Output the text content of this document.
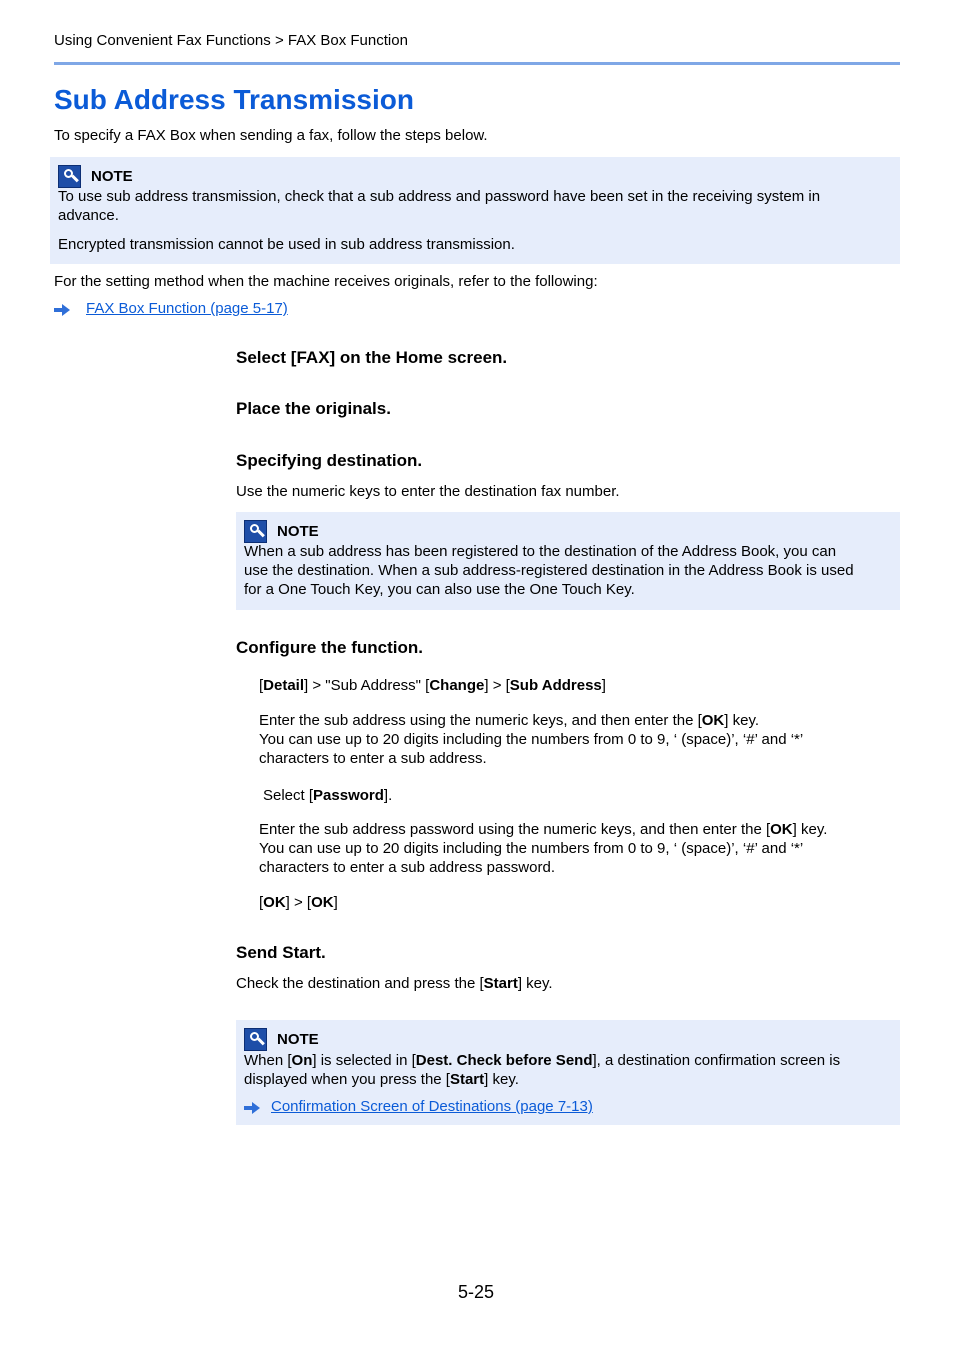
Using Convenient Fax Functions > FAX Box Function
Sub Address Transmission
To specify a FAX Box when sending a fax, follow the steps below.
NOTE
To use sub address transmission, check that a sub address and password have been set in the receiving system in
advance.
Encrypted transmission cannot be used in sub address transmission.
For the setting method when the machine receives originals, refer to the following:
FAX Box Function (page 5-17)
Select [FAX] on the Home screen.
Place the originals.
Specifying destination.
Use the numeric keys to enter the destination fax number.
NOTE
When a sub address has been registered to the destination of the Address Book, you can
use the destination. When a sub address-registered destination in the Address Book is used
for a One Touch Key, you can also use the One Touch Key.
Configure the function.
[Detail] > "Sub Address" [Change] > [Sub Address]
Enter the sub address using the numeric keys, and then enter the [OK] key.
You can use up to 20 digits including the numbers from 0 to 9, ‘ (space)’, ‘#’ and ‘*’
characters to enter a sub address.
Select [Password].
Enter the sub address password using the numeric keys, and then enter the [OK] key.
You can use up to 20 digits including the numbers from 0 to 9, ‘ (space)’, ‘#’ and ‘*’
characters to enter a sub address password.
[OK] > [OK]
Send Start.
Check the destination and press the [Start] key.
NOTE
When [On] is selected in [Dest. Check before Send], a destination confirmation screen is
displayed when you press the [Start] key.
Confirmation Screen of Destinations (page 7-13)
5-25
